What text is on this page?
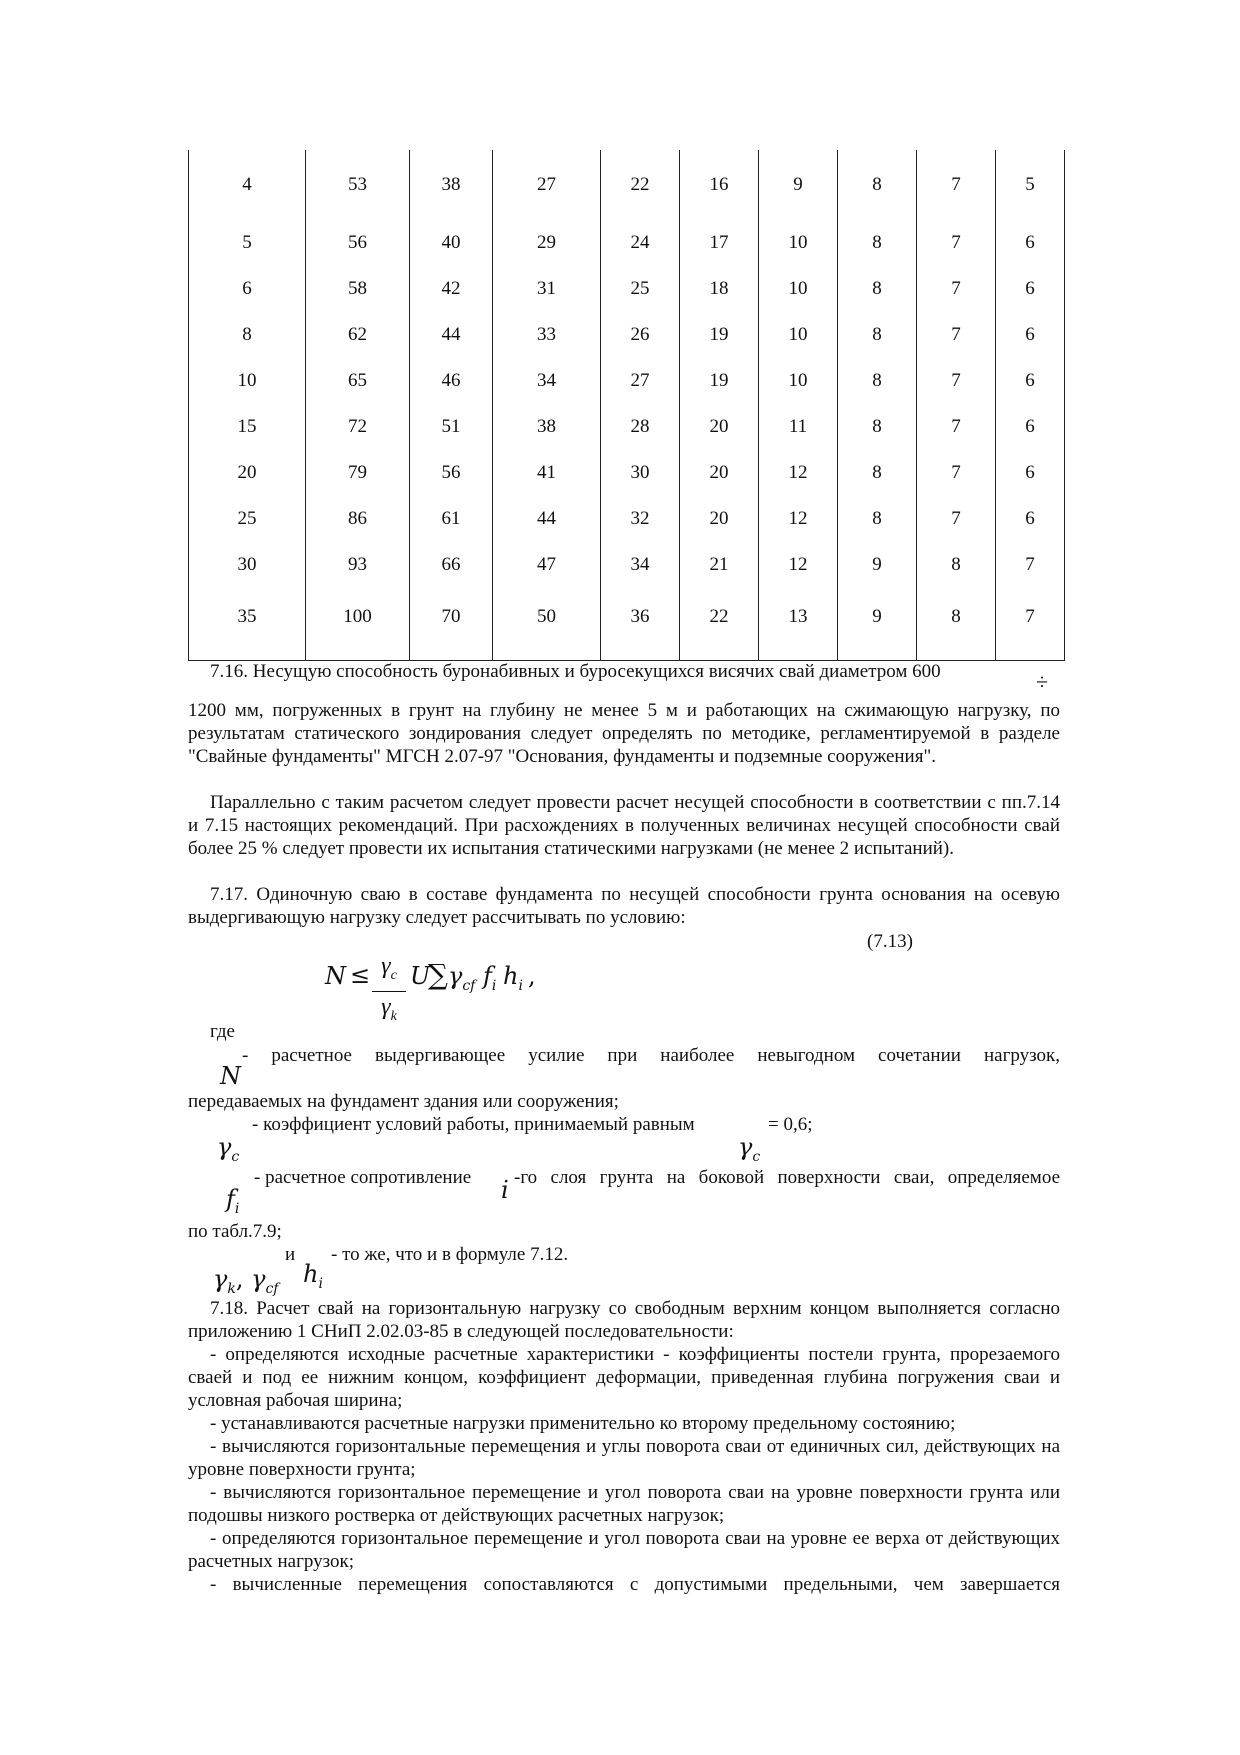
4	53	38	27	22	16	9	8	7	5
5	56	40	29	24	17	10	8	7	6
6	58	42	31	25	18	10	8	7	6
8	62	44	33	26	19	10	8	7	6
10	65	46	34	27	19	10	8	7	6
15	72	51	38	28	20	11	8	7	6
20	79	56	41	30	20	12	8	7	6
25	86	61	44	32	20	12	8	7	6
30	93	66	47	34	21	12	9	8	7
35	100	70	50	36	22	13	9	8	7

7.16. Несущую способность буронабивных и буросекущихся висячих свай диаметром 600	÷

1200 мм, погруженных в грунт на глубину не менее 5 м и работающих на сжимающую нагрузку, по результатам статического зондирования следует определять по методике, регламентируемой в разделе "Свайные фундаменты" МГСН 2.07-97 "Основания, фундаменты и подземные сооружения".

Параллельно с таким расчетом следует провести расчет несущей способности в соответствии с пп.7.14 и 7.15 настоящих рекомендаций. При расхождениях в полученных величинах несущей способности свай более 25 % следует провести их испытания статическими нагрузками (не менее 2 испытаний).

7.17. Одиночную сваю в составе фундамента по несущей способности грунта основания на осевую выдергивающую нагрузку следует рассчитывать по условию:

(7.13)
$N \le \gamma_c$
$\gamma_k$
U
∑ $\gamma_{cf}$ $f_i$ $h_i$ ,
где
- расчетное выдергивающее усилие при наиболее невыгодном сочетании нагрузок,
N
передаваемых на фундамент здания или сооружения;
- коэффициент условий работы, принимаемый равным	= 0,6;
$\gamma_c$	$\gamma_c$
- расчетное сопротивление -го слоя грунта на боковой поверхности сваи, определяемое
$f_i$
i
по табл.7.9;
и - то же, что и в формуле 7.12.
$\gamma_k$, $\gamma_{cf}$
$h_i$

7.18. Расчет свай на горизонтальную нагрузку со свободным верхним концом выполняется согласно приложению 1 СНиП 2.02.03-85 в следующей последовательности:

- определяются исходные расчетные характеристики - коэффициенты постели грунта, прорезаемого сваей и под ее нижним концом, коэффициент деформации, приведенная глубина погружения сваи и условная рабочая ширина;

- устанавливаются расчетные нагрузки применительно ко второму предельному состоянию;

- вычисляются горизонтальные перемещения и углы поворота сваи от единичных сил, действующих на уровне поверхности грунта;

- вычисляются горизонтальное перемещение и угол поворота сваи на уровне поверхности грунта или подошвы низкого ростверка от действующих расчетных нагрузок;

- определяются горизонтальное перемещение и угол поворота сваи на уровне ее верха от действующих расчетных нагрузок;

- вычисленные перемещения сопоставляются с допустимыми предельными, чем завершается
